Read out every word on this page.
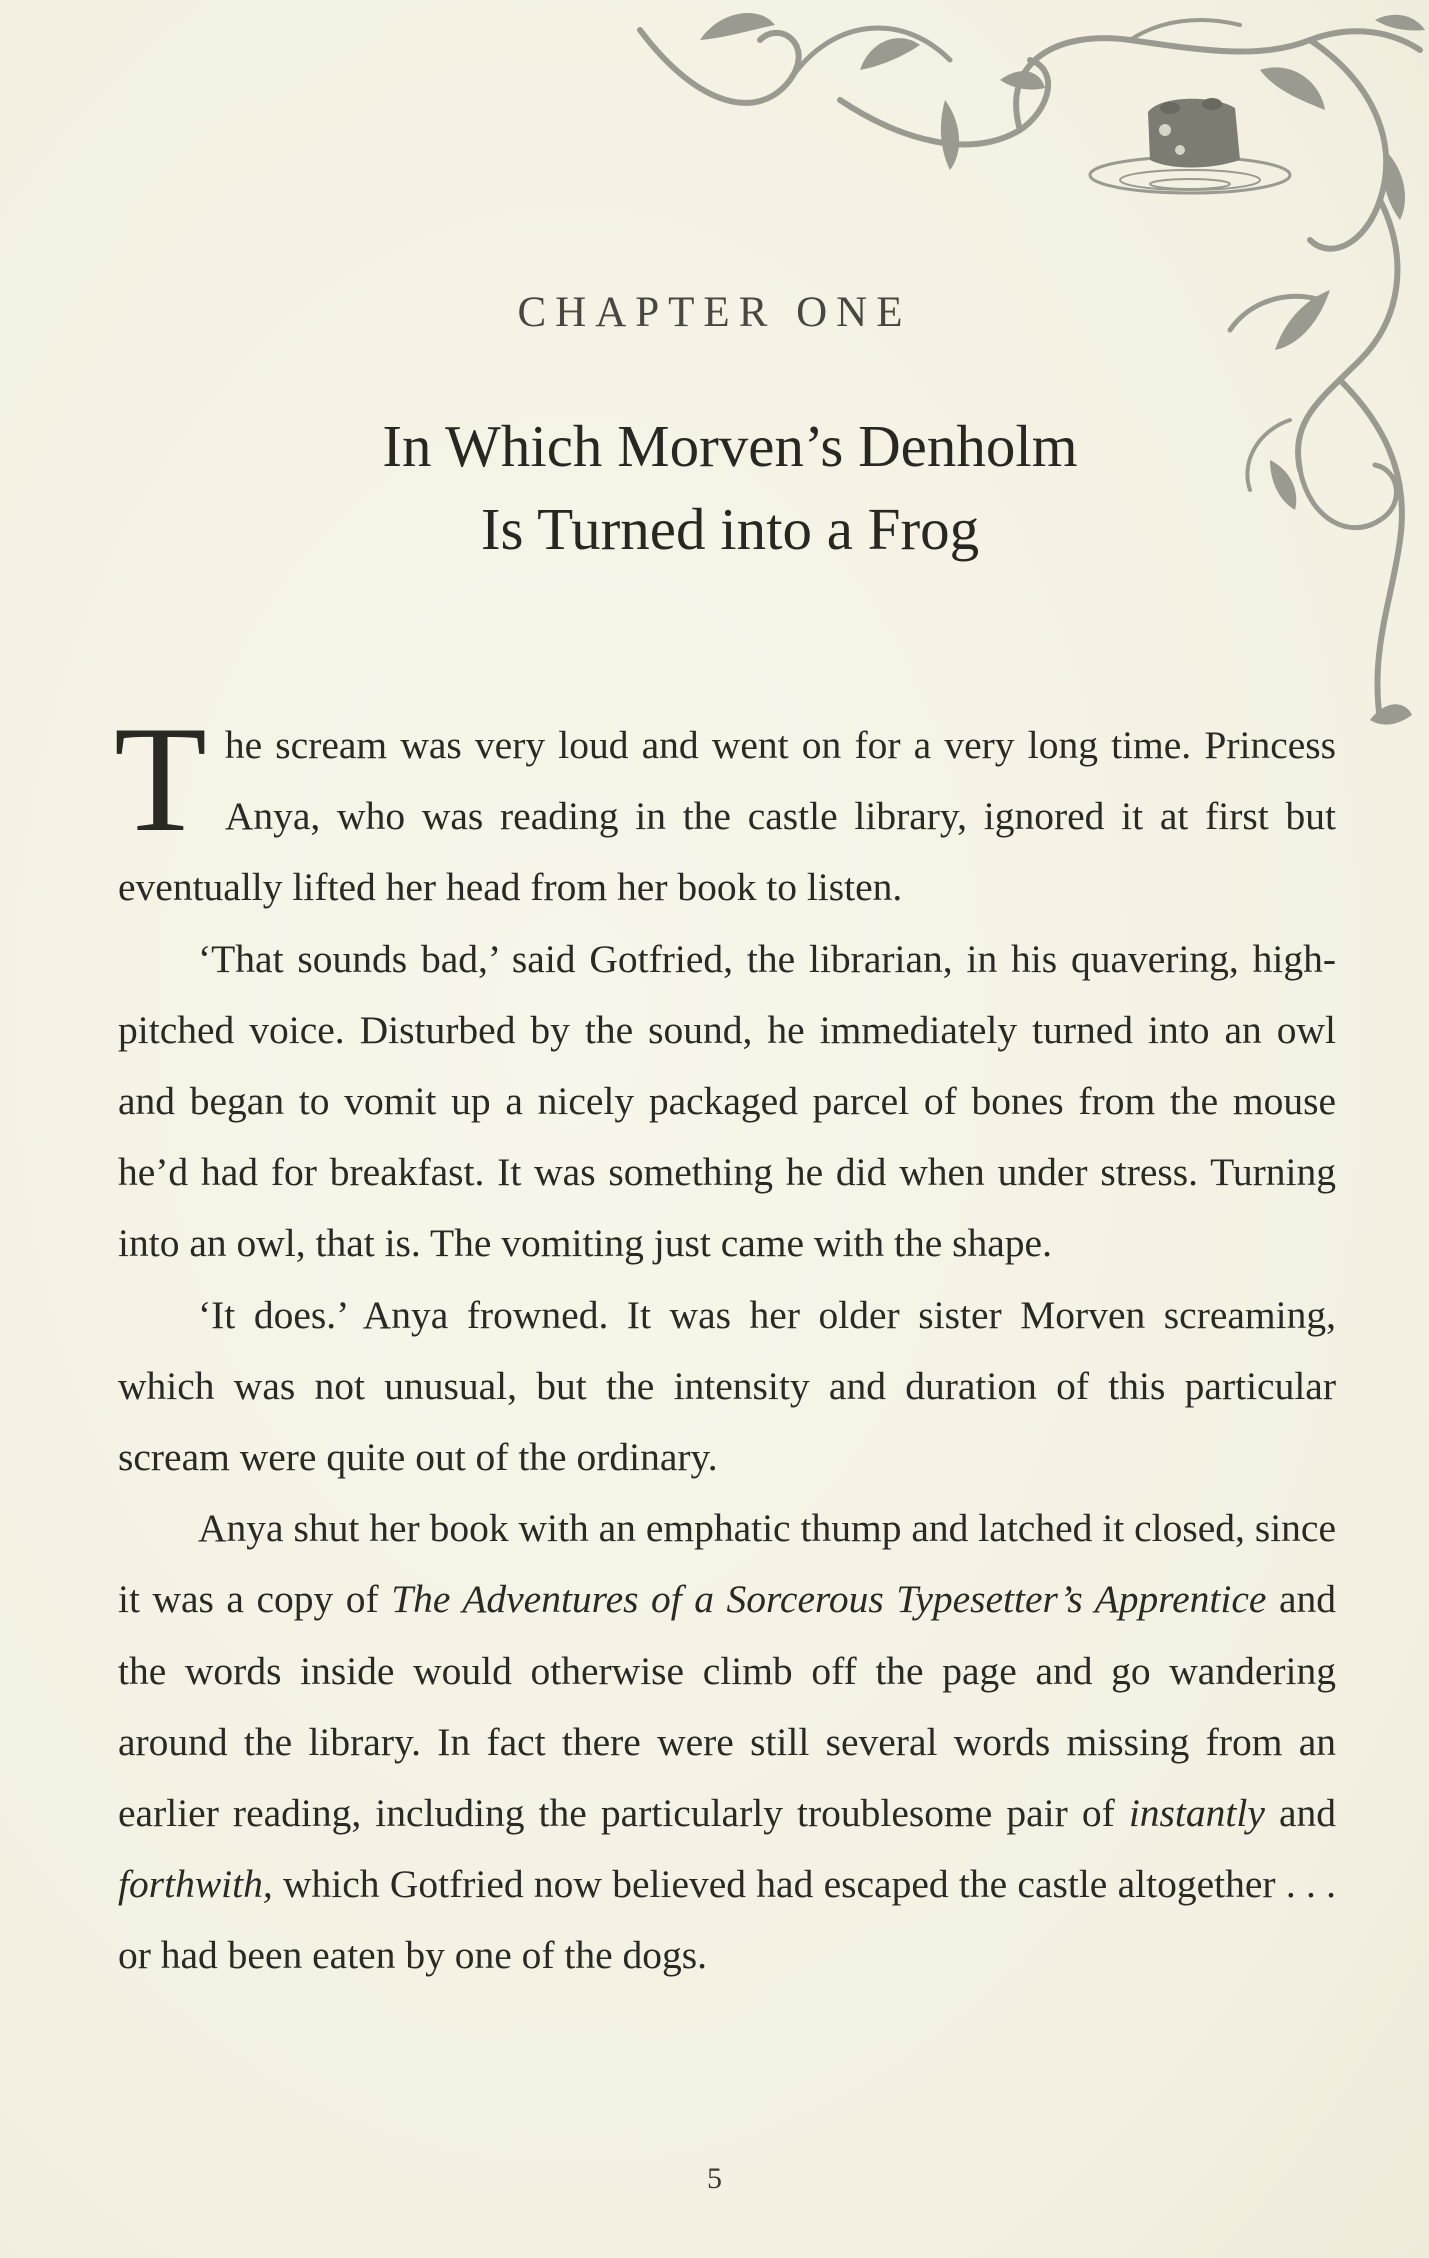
CHAPTER ONE
In Which Morven’s Denholm
Is Turned into a Frog

The scream was very loud and went on for a very long time. Princess Anya, who was reading in the castle library, ignored it at first but eventually lifted her head from her book to listen.

‘That sounds bad,’ said Gotfried, the librarian, in his quavering, high-pitched voice. Disturbed by the sound, he immediately turned into an owl and began to vomit up a nicely packaged parcel of bones from the mouse he’d had for breakfast. It was something he did when under stress. Turning into an owl, that is. The vomiting just came with the shape.

‘It does.’ Anya frowned. It was her older sister Morven screaming, which was not unusual, but the intensity and duration of this particular scream were quite out of the ordinary.

Anya shut her book with an emphatic thump and latched it closed, since it was a copy of The Adventures of a Sorcerous Typesetter’s Apprentice and the words inside would otherwise climb off the page and go wandering around the library. In fact there were still several words missing from an earlier reading, including the particularly troublesome pair of instantly and forthwith, which Gotfried now believed had escaped the castle altogether . . . or had been eaten by one of the dogs.

5
